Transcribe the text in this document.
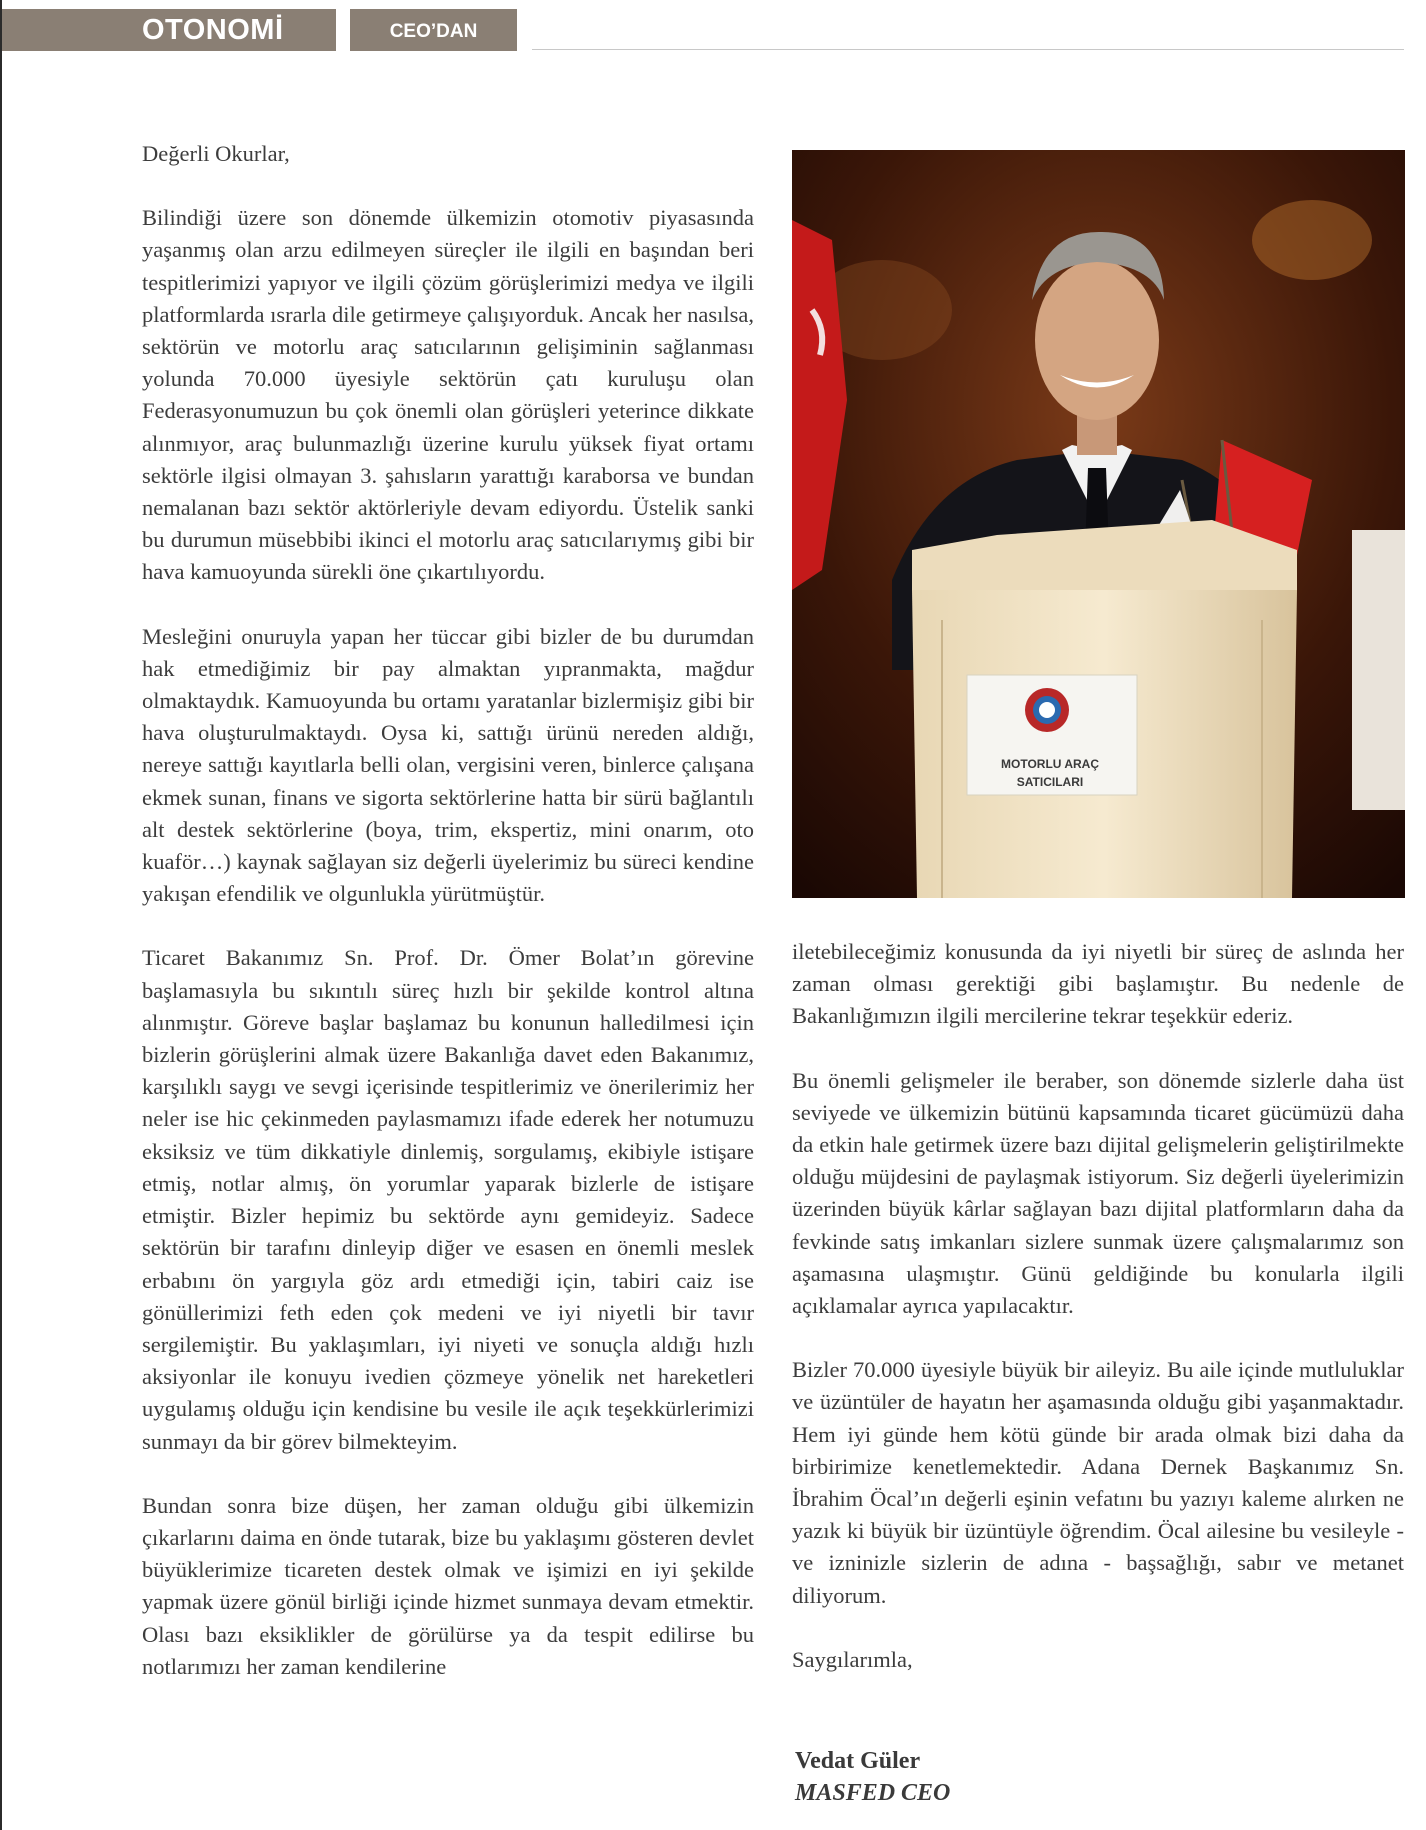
OTONOMİ	CEO’DAN

Değerli Okurlar,

Bilindiği üzere son dönemde ülkemizin otomotiv piyasasında yaşanmış olan arzu edilmeyen süreçler ile ilgili en başından beri tespitlerimizi yapıyor ve ilgili çözüm görüşlerimizi medya ve ilgili platformlarda ısrarla dile getirmeye çalışıyorduk. Ancak her nasılsa, sektörün ve motorlu araç satıcılarının gelişiminin sağlanması yolunda 70.000 üyesiyle sektörün çatı kuruluşu olan Federasyonumuzun bu çok önemli olan görüşleri yeterince dikkate alınmıyor, araç bulunmazlığı üzerine kurulu yüksek fiyat ortamı sektörle ilgisi olmayan 3. şahısların yarattığı karaborsa ve bundan nemalanan bazı sektör aktörleriyle devam ediyordu. Üstelik sanki bu durumun müsebbibi ikinci el motorlu araç satıcılarıymış gibi bir hava kamuoyunda sürekli öne çıkartılıyordu.

Mesleğini onuruyla yapan her tüccar gibi bizler de bu durumdan hak etmediğimiz bir pay almaktan yıpranmakta, mağdur olmaktaydık. Kamuoyunda bu ortamı yaratanlar bizlermişiz gibi bir hava oluşturulmaktaydı. Oysa ki, sattığı ürünü nereden aldığı, nereye sattığı kayıtlarla belli olan, vergisini veren, binlerce çalışana ekmek sunan, finans ve sigorta sektörlerine hatta bir sürü bağlantılı alt destek sektörlerine (boya, trim, ekspertiz, mini onarım, oto kuaför…) kaynak sağlayan siz değerli üyelerimiz bu süreci kendine yakışan efendilik ve olgunlukla yürütmüştür.

Ticaret Bakanımız Sn. Prof. Dr. Ömer Bolat’ın görevine başlamasıyla bu sıkıntılı süreç hızlı bir şekilde kontrol altına alınmıştır. Göreve başlar başlamaz bu konunun halledilmesi için bizlerin görüşlerini almak üzere Bakanlığa davet eden Bakanımız, karşılıklı saygı ve sevgi içerisinde tespitlerimiz ve önerilerimiz her neler ise hic çekinmeden paylasmamızı ifade ederek her notumuzu eksiksiz ve tüm dikkatiyle dinlemiş, sorgulamış, ekibiyle istişare etmiş, notlar almış, ön yorumlar yaparak bizlerle de istişare etmiştir. Bizler hepimiz bu sektörde aynı gemideyiz. Sadece sektörün bir tarafını dinleyip diğer ve esasen en önemli meslek erbabını ön yargıyla göz ardı etmediği için, tabiri caiz ise gönüllerimizi feth eden çok medeni ve iyi niyetli bir tavır sergilemiştir. Bu yaklaşımları, iyi niyeti ve sonuçla aldığı hızlı aksiyonlar ile konuyu ivedien çözmeye yönelik net hareketleri uygulamış olduğu için kendisine bu vesile ile açık teşekkürlerimizi sunmayı da bir görev bilmekteyim.

Bundan sonra bize düşen, her zaman olduğu gibi ülkemizin çıkarlarını daima en önde tutarak, bize bu yaklaşımı gösteren devlet büyüklerimize ticareten destek olmak ve işimizi en iyi şekilde yapmak üzere gönül birliği içinde hizmet sunmaya devam etmektir. Olası bazı eksiklikler de görülürse ya da tespit edilirse bu notlarımızı her zaman kendilerine

MOTORLU ARAÇ
SATICILARI

iletebileceğimiz konusunda da iyi niyetli bir süreç de aslında her zaman olması gerektiği gibi başlamıştır. Bu nedenle de Bakanlığımızın ilgili mercilerine tekrar teşekkür ederiz.

Bu önemli gelişmeler ile beraber, son dönemde sizlerle daha üst seviyede ve ülkemizin bütünü kapsamında ticaret gücümüzü daha da etkin hale getirmek üzere bazı dijital gelişmelerin geliştirilmekte olduğu müjdesini de paylaşmak istiyorum. Siz değerli üyelerimizin üzerinden büyük kârlar sağlayan bazı dijital platformların daha da fevkinde satış imkanları sizlere sunmak üzere çalışmalarımız son aşamasına ulaşmıştır. Günü geldiğinde bu konularla ilgili açıklamalar ayrıca yapılacaktır.

Bizler 70.000 üyesiyle büyük bir aileyiz. Bu aile içinde mutluluklar ve üzüntüler de hayatın her aşamasında olduğu gibi yaşanmaktadır. Hem iyi günde hem kötü günde bir arada olmak bizi daha da birbirimize kenetlemektedir. Adana Dernek Başkanımız Sn. İbrahim Öcal’ın değerli eşinin vefatını bu yazıyı kaleme alırken ne yazık ki büyük bir üzüntüyle öğrendim. Öcal ailesine bu vesileyle - ve izninizle sizlerin de adına - başsağlığı, sabır ve metanet diliyorum.

Saygılarımla,

Vedat Güler
MASFED CEO
